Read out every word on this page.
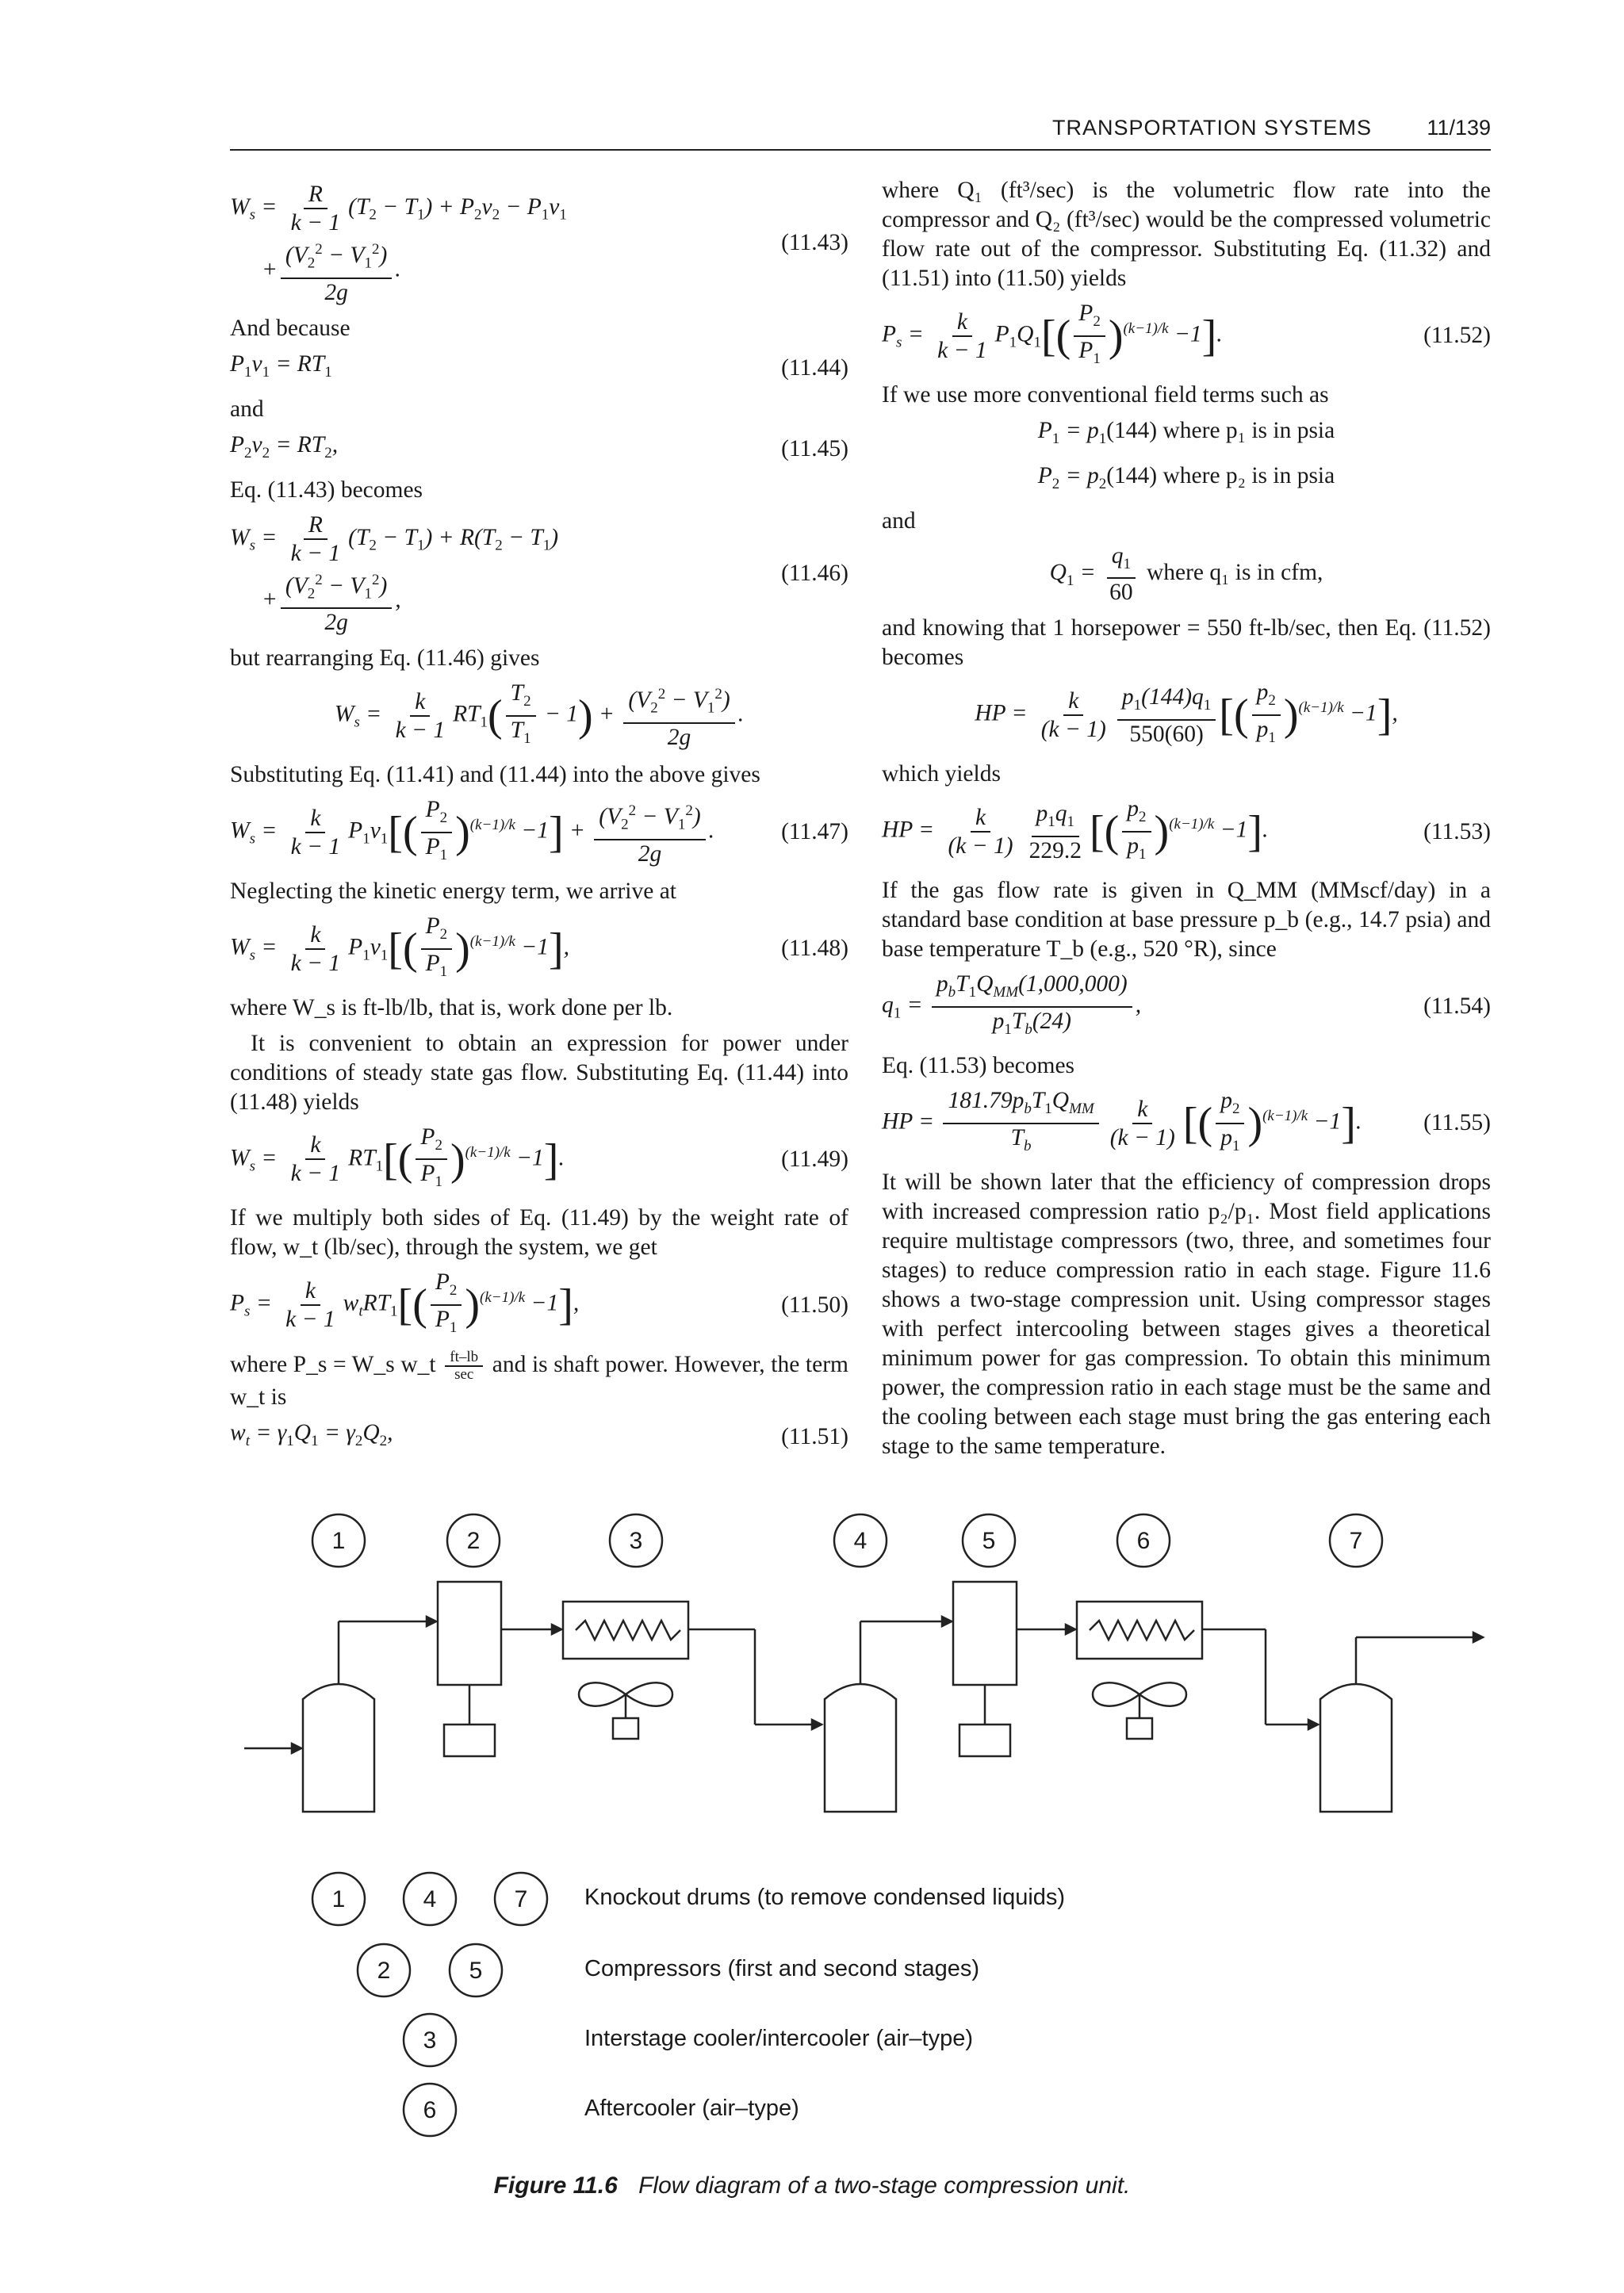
TRANSPORTATION SYSTEMS	11/139
$W_s = \frac{R}{k - 1} (T_2 - T_1) + P_2v_2 - P_1v_1$
+ $\frac{(V_2^2 - V_1^2)}{2g}$ .
(11.43)

And because

$P_1v_1 = RT_1$	(11.44)

and

$P_2v_2 = RT_2$,	(11.45)

Eq. (11.43) becomes

$W_s = \frac{R}{k - 1} (T_2 - T_1) + R(T_2 - T_1)$
+ $\frac{(V_2^2 - V_1^2)}{2g}$ ,
(11.46)

but rearranging Eq. (11.46) gives

$W_s = \frac{k}{k - 1} RT_1( \frac{T_2}{T_1} - 1) + \frac{(V_2^2 - V_1^2)}{2g}$ .

Substituting Eq. (11.41) and (11.44) into the above gives

$W_s = \frac{k}{k - 1} P_1v_1[( \frac{P_2}{P_1} )^{(k-1)/k} -1] + \frac{(V_2^2 - V_1^2)}{2g}$ .	(11.47)

Neglecting the kinetic energy term, we arrive at

$W_s = \frac{k}{k - 1} P_1v_1[( \frac{P_2}{P_1} )^{(k-1)/k} -1]$,	(11.48)

where W_s is ft-lb/lb, that is, work done per lb.

It is convenient to obtain an expression for power under conditions of steady state gas flow. Substituting Eq. (11.44) into (11.48) yields

$W_s = \frac{k}{k - 1} RT_1[( \frac{P_2}{P_1} )^{(k-1)/k} -1]$.	(11.49)

If we multiply both sides of Eq. (11.49) by the weight rate of flow, w_t (lb/sec), through the system, we get

$P_s = \frac{k}{k - 1} w_tRT_1[( \frac{P_2}{P_1} )^{(k-1)/k} -1]$,	(11.50)

where P_s = W_s w_t $\frac{ft-lb}{\sec}$ and is shaft power. However, the term w_t is

$w_t = \gamma_1Q_1 = \gamma_2Q_2$,	(11.51)

where Q₁ (ft³/sec) is the volumetric flow rate into the compressor and Q₂ (ft³/sec) would be the compressed volumetric flow rate out of the compressor. Substituting Eq. (11.32) and (11.51) into (11.50) yields

$P_s = \frac{k}{k - 1} P_1Q_1[( \frac{P_2}{P_1} )^{(k-1)/k} -1]$.	(11.52)

If we use more conventional field terms such as

$P_1 = p_1(144)$ where p₁ is in psia
$P_2 = p_2(144)$ where p₂ is in psia

and

$Q_1 = \frac{q_1}{60}$ where q₁ is in cfm,

and knowing that 1 horsepower = 550 ft-lb/sec, then Eq. (11.52) becomes

HP = $\frac{k}{(k - 1)} \frac{p_1(144)q_1}{550(60)}$ [( $\frac{p_2}{p_1} )^{(k-1)/k} -1$],

which yields

HP = $\frac{k}{(k - 1)} \frac{p_1q_1}{229.2}$ [( $\frac{p_2}{p_1} )^{(k-1)/k} -1$].	(11.53)

If the gas flow rate is given in Q_MM (MMscf/day) in a standard base condition at base pressure p_b (e.g., 14.7 psia) and base temperature T_b (e.g., 520 °R), since

$q_1 = \frac{p_bT_1Q_{MM}(1,000,000)}{p_1T_b(24)}$ ,	(11.54)

Eq. (11.53) becomes

HP = $\frac{181.79p_bT_1Q_{MM}}{T_b} \frac{k}{(k - 1)}$ [( $\frac{p_2}{p_1} )^{(k-1)/k} -1$].	(11.55)

It will be shown later that the efficiency of compression drops with increased compression ratio p₂/p₁. Most field applications require multistage compressors (two, three, and sometimes four stages) to reduce compression ratio in each stage. Figure 11.6 shows a two-stage compression unit. Using compressor stages with perfect intercooling between stages gives a theoretical minimum power for gas compression. To obtain this minimum power, the compression ratio in each stage must be the same and the cooling between each stage must bring the gas entering each stage to the same temperature.

1	2	3	4	5	6	7
1	4	7
2	5
3
6
Knockout drums (to remove condensed liquids)
Compressors (first and second stages)
Interstage cooler/intercooler (air–type)
Aftercooler (air–type)
Figure 11.6 Flow diagram of a two-stage compression unit.
